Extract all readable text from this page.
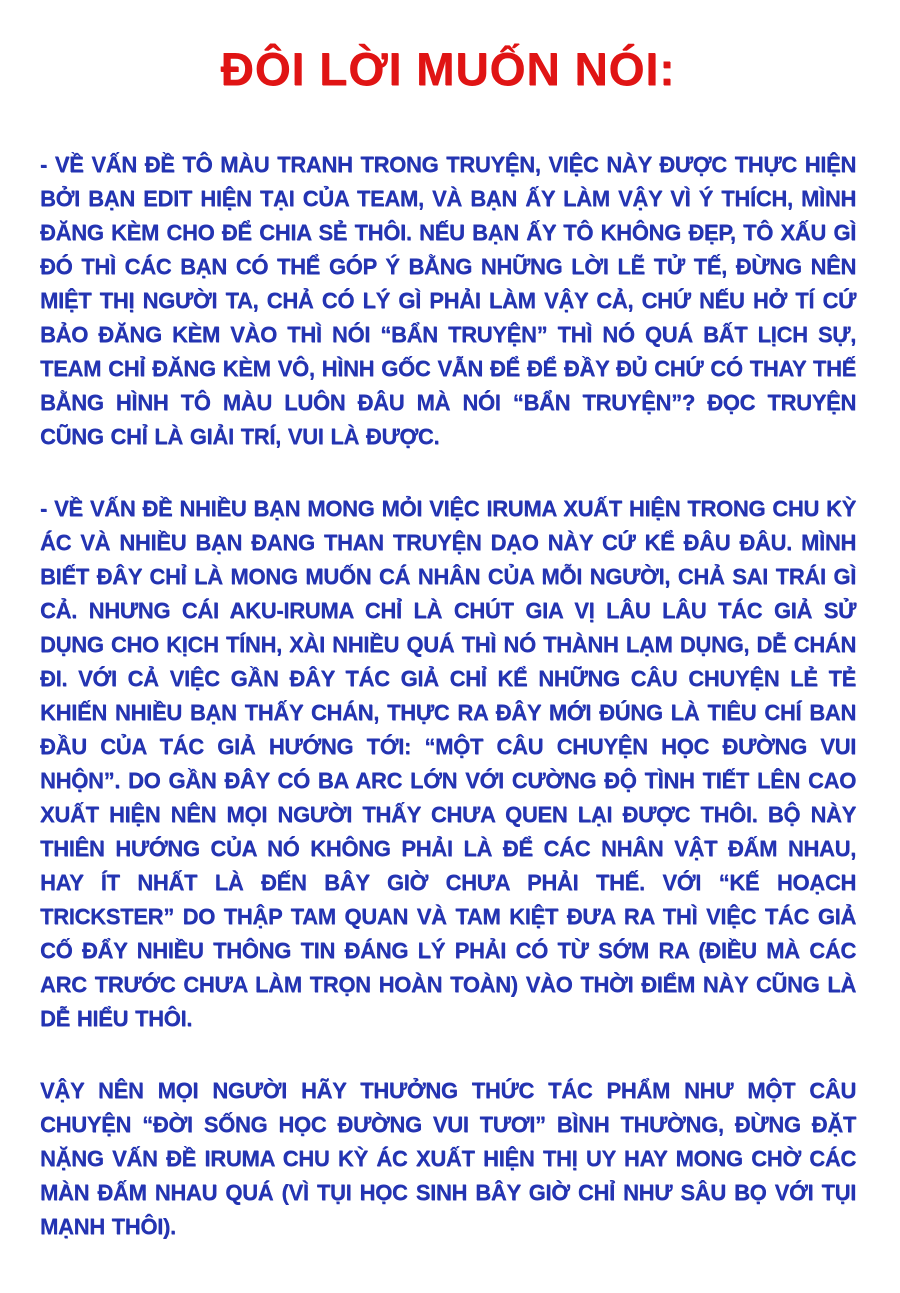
ĐÔI LỜI MUỐN NÓI:

- VỀ VẤN ĐỀ TÔ MÀU TRANH TRONG TRUYỆN, VIỆC NÀY ĐƯỢC THỰC HIỆN BỞI BẠN EDIT HIỆN TẠI CỦA TEAM, VÀ BẠN ẤY LÀM VẬY VÌ Ý THÍCH, MÌNH ĐĂNG KÈM CHO ĐỂ CHIA SẺ THÔI. NẾU BẠN ẤY TÔ KHÔNG ĐẸP, TÔ XẤU GÌ ĐÓ THÌ CÁC BẠN CÓ THỂ GÓP Ý BẰNG NHỮNG LỜI LẼ TỬ TẾ, ĐỪNG NÊN MIỆT THỊ NGƯỜI TA, CHẢ CÓ LÝ GÌ PHẢI LÀM VẬY CẢ, CHỨ NẾU HỞ TÍ CỨ BẢO ĐĂNG KÈM VÀO THÌ NÓI “BẨN TRUYỆN” THÌ NÓ QUÁ BẤT LỊCH SỰ, TEAM CHỈ ĐĂNG KÈM VÔ, HÌNH GỐC VẪN ĐỂ ĐỂ ĐẦY ĐỦ CHỨ CÓ THAY THẾ BẰNG HÌNH TÔ MÀU LUÔN ĐÂU MÀ NÓI “BẨN TRUYỆN”? ĐỌC TRUYỆN CŨNG CHỈ LÀ GIẢI TRÍ, VUI LÀ ĐƯỢC.

- VỀ VẤN ĐỀ NHIỀU BẠN MONG MỎI VIỆC IRUMA XUẤT HIỆN TRONG CHU KỲ ÁC VÀ NHIỀU BẠN ĐANG THAN TRUYỆN DẠO NÀY CỨ KỂ ĐÂU ĐÂU. MÌNH BIẾT ĐÂY CHỈ LÀ MONG MUỐN CÁ NHÂN CỦA MỖI NGƯỜI, CHẢ SAI TRÁI GÌ CẢ. NHƯNG CÁI AKU-IRUMA CHỈ LÀ CHÚT GIA VỊ LÂU LÂU TÁC GIẢ SỬ DỤNG CHO KỊCH TÍNH, XÀI NHIỀU QUÁ THÌ NÓ THÀNH LẠM DỤNG, DỄ CHÁN ĐI. VỚI CẢ VIỆC GẦN ĐÂY TÁC GIẢ CHỈ KỂ NHỮNG CÂU CHUYỆN LẺ TẺ KHIẾN NHIỀU BẠN THẤY CHÁN, THỰC RA ĐÂY MỚI ĐÚNG LÀ TIÊU CHÍ BAN ĐẦU CỦA TÁC GIẢ HƯỚNG TỚI: “MỘT CÂU CHUYỆN HỌC ĐƯỜNG VUI NHỘN”. DO GẦN ĐÂY CÓ BA ARC LỚN VỚI CƯỜNG ĐỘ TÌNH TIẾT LÊN CAO XUẤT HIỆN NÊN MỌI NGƯỜI THẤY CHƯA QUEN LẠI ĐƯỢC THÔI. BỘ NÀY THIÊN HƯỚNG CỦA NÓ KHÔNG PHẢI LÀ ĐỂ CÁC NHÂN VẬT ĐẤM NHAU, HAY ÍT NHẤT LÀ ĐẾN BÂY GIỜ CHƯA PHẢI THẾ. VỚI “KẾ HOẠCH TRICKSTER” DO THẬP TAM QUAN VÀ TAM KIỆT ĐƯA RA THÌ VIỆC TÁC GIẢ CỐ ĐẨY NHIỀU THÔNG TIN ĐÁNG LÝ PHẢI CÓ TỪ SỚM RA (ĐIỀU MÀ CÁC ARC TRƯỚC CHƯA LÀM TRỌN HOÀN TOÀN) VÀO THỜI ĐIỂM NÀY CŨNG LÀ DỄ HIỂU THÔI.

VẬY NÊN MỌI NGƯỜI HÃY THƯỞNG THỨC TÁC PHẨM NHƯ MỘT CÂU CHUYỆN “ĐỜI SỐNG HỌC ĐƯỜNG VUI TƯƠI” BÌNH THƯỜNG, ĐỪNG ĐẶT NẶNG VẤN ĐỀ IRUMA CHU KỲ ÁC XUẤT HIỆN THỊ UY HAY MONG CHỜ CÁC MÀN ĐẤM NHAU QUÁ (VÌ TỤI HỌC SINH BÂY GIỜ CHỈ NHƯ SÂU BỌ VỚI TỤI MẠNH THÔI).
